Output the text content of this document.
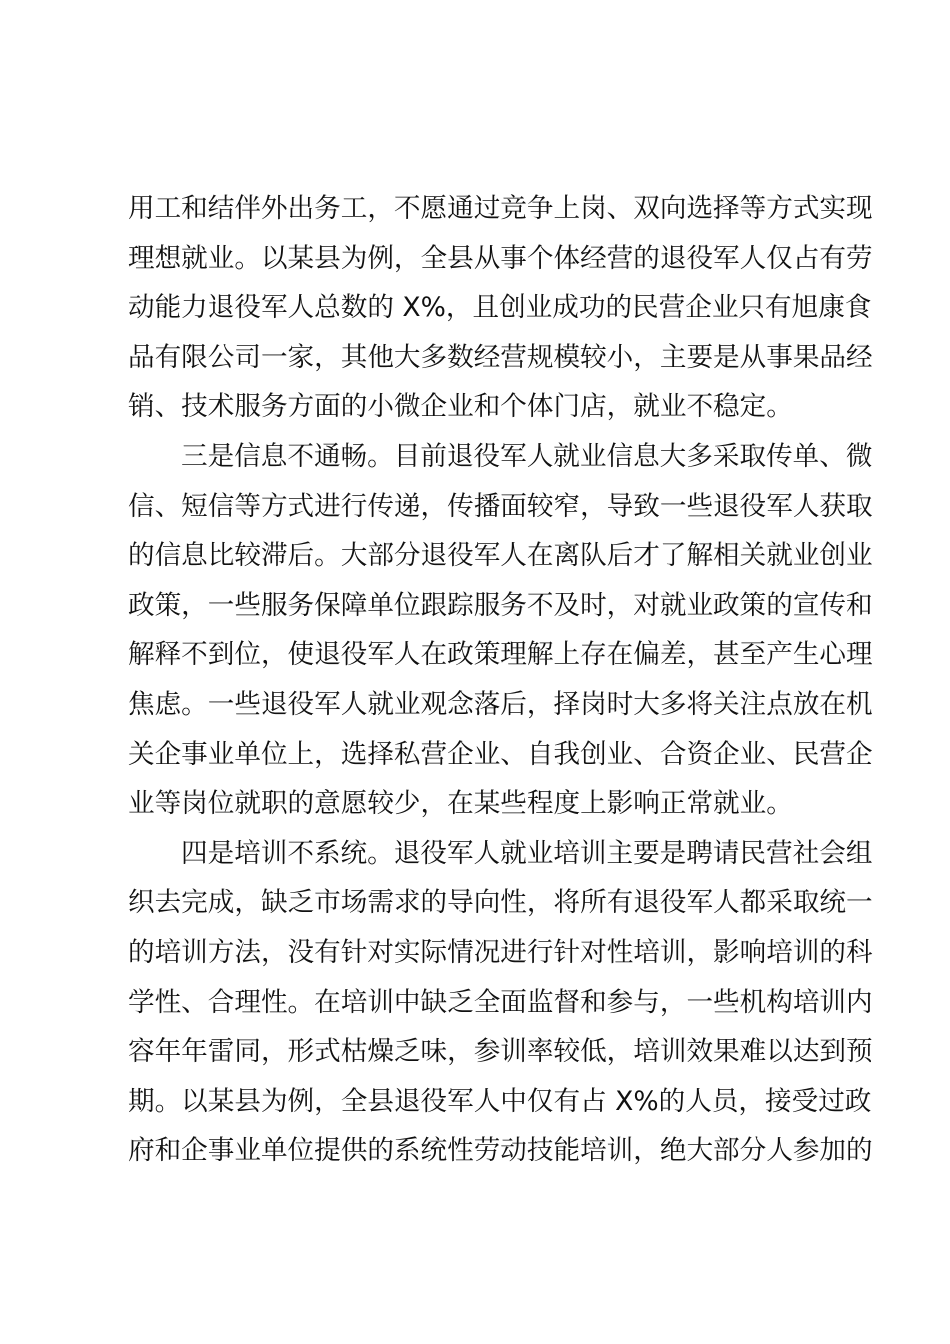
用工和结伴外出务工，不愿通过竞争上岗、双向选择等方式实现
理想就业。以某县为例，全县从事个体经营的退役军人仅占有劳
动能力退役军人总数的 X%，且创业成功的民营企业只有旭康食
品有限公司一家，其他大多数经营规模较小，主要是从事果品经
销、技术服务方面的小微企业和个体门店，就业不稳定。
三是信息不通畅。目前退役军人就业信息大多采取传单、微
信、短信等方式进行传递，传播面较窄，导致一些退役军人获取
的信息比较滞后。大部分退役军人在离队后才了解相关就业创业
政策，一些服务保障单位跟踪服务不及时，对就业政策的宣传和
解释不到位，使退役军人在政策理解上存在偏差，甚至产生心理
焦虑。一些退役军人就业观念落后，择岗时大多将关注点放在机
关企事业单位上，选择私营企业、自我创业、合资企业、民营企
业等岗位就职的意愿较少，在某些程度上影响正常就业。
四是培训不系统。退役军人就业培训主要是聘请民营社会组
织去完成，缺乏市场需求的导向性，将所有退役军人都采取统一
的培训方法，没有针对实际情况进行针对性培训，影响培训的科
学性、合理性。在培训中缺乏全面监督和参与，一些机构培训内
容年年雷同，形式枯燥乏味，参训率较低，培训效果难以达到预
期。以某县为例，全县退役军人中仅有占 X%的人员，接受过政
府和企事业单位提供的系统性劳动技能培训，绝大部分人参加的
